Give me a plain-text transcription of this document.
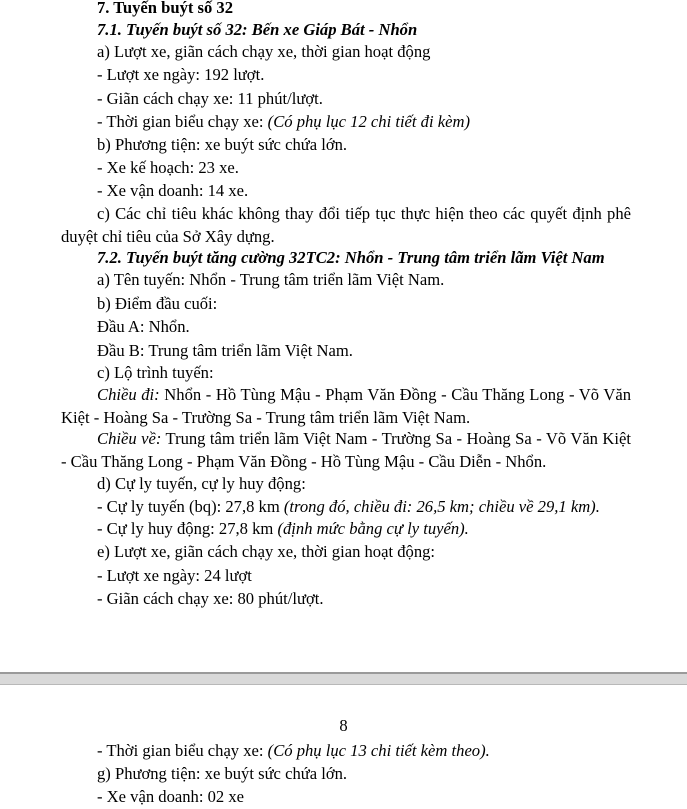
7. Tuyến buýt số 32
7.1. Tuyến buýt số 32: Bến xe Giáp Bát - Nhổn
a) Lượt xe, giãn cách chạy xe, thời gian hoạt động
- Lượt xe ngày: 192 lượt.
- Giãn cách chạy xe: 11 phút/lượt.
- Thời gian biểu chạy xe: (Có phụ lục 12 chi tiết đi kèm)
b) Phương tiện: xe buýt sức chứa lớn.
- Xe kế hoạch: 23 xe.
- Xe vận doanh: 14 xe.
c) Các chỉ tiêu khác không thay đổi tiếp tục thực hiện theo các quyết định phê duyệt chỉ tiêu của Sở Xây dựng.
7.2. Tuyến buýt tăng cường 32TC2: Nhổn - Trung tâm triển lãm Việt Nam
a) Tên tuyến: Nhổn - Trung tâm triển lãm Việt Nam.
b) Điểm đầu cuối:
Đầu A: Nhổn.
Đầu B: Trung tâm triển lãm Việt Nam.
c) Lộ trình tuyến:
Chiều đi: Nhổn - Hồ Tùng Mậu - Phạm Văn Đồng - Cầu Thăng Long - Võ Văn Kiệt - Hoàng Sa - Trường Sa - Trung tâm triển lãm Việt Nam.
Chiều về: Trung tâm triển lãm Việt Nam - Trường Sa - Hoàng Sa - Võ Văn Kiệt - Cầu Thăng Long - Phạm Văn Đồng - Hồ Tùng Mậu - Cầu Diễn - Nhổn.
d) Cự ly tuyến, cự ly huy động:
- Cự ly tuyến (bq): 27,8 km (trong đó, chiều đi: 26,5 km; chiều về 29,1 km).
- Cự ly huy động: 27,8 km (định mức bằng cự ly tuyến).
e) Lượt xe, giãn cách chạy xe, thời gian hoạt động:
- Lượt xe ngày: 24 lượt
- Giãn cách chạy xe: 80 phút/lượt.
8
- Thời gian biểu chạy xe: (Có phụ lục 13 chi tiết kèm theo).
g) Phương tiện: xe buýt sức chứa lớn.
- Xe vận doanh: 02 xe
